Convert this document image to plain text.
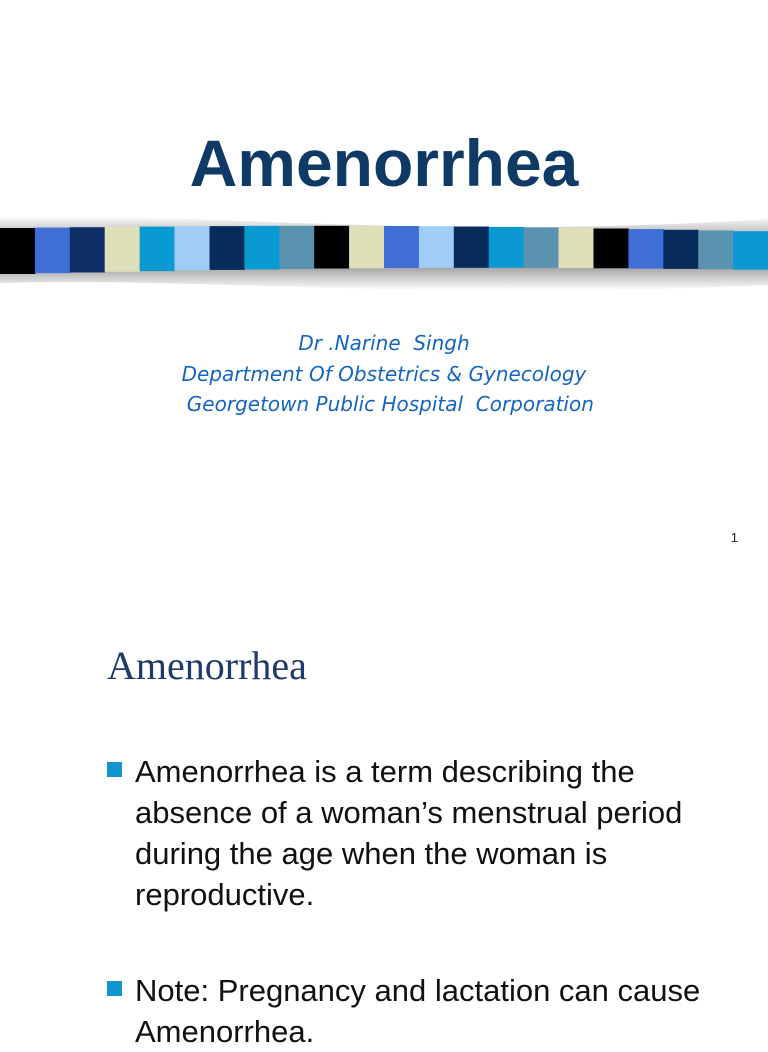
Amenorrhea
Dr .Narine  Singh
Department Of Obstetrics & Gynecology
Georgetown Public Hospital  Corporation
1
Amenorrhea
Amenorrhea is a term describing the absence of a woman’s menstrual period during the age when the woman is reproductive.
Note: Pregnancy and lactation can cause Amenorrhea.
